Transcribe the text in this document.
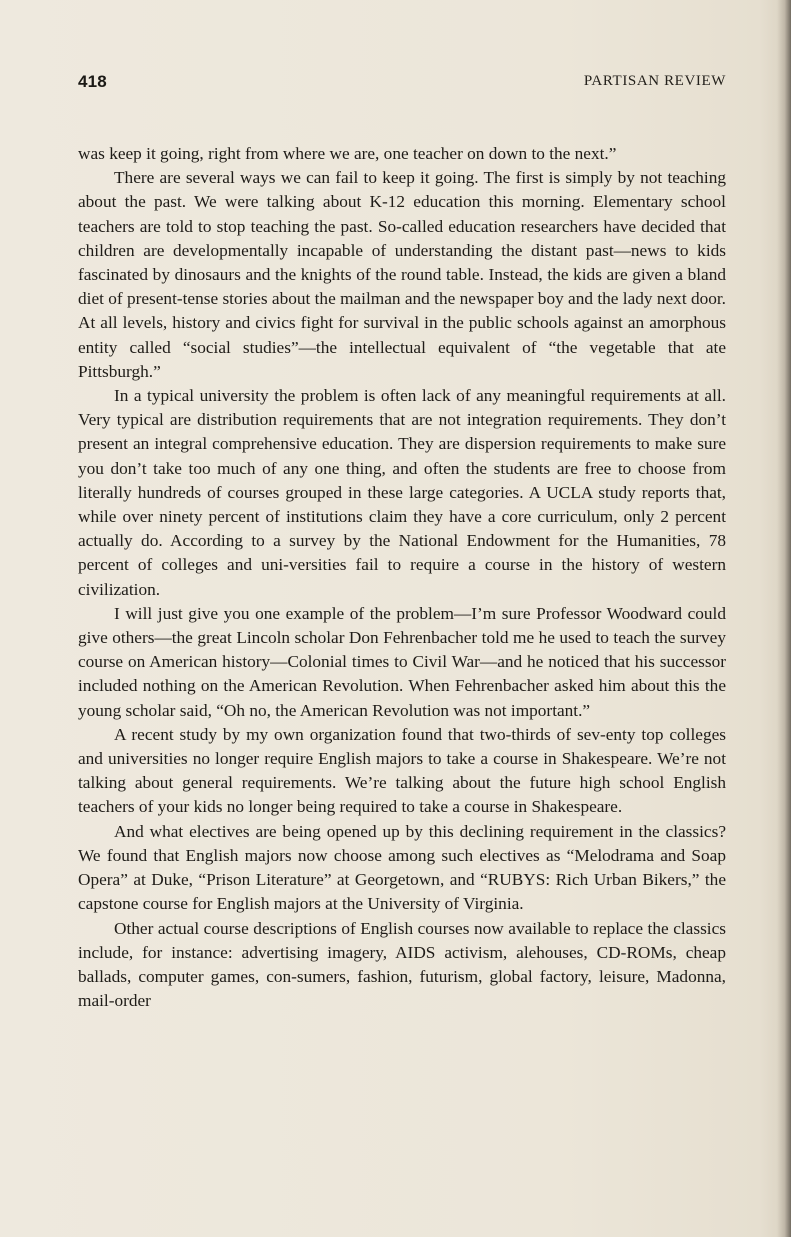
418	PARTISAN REVIEW

was keep it going, right from where we are, one teacher on down to the next.”

There are several ways we can fail to keep it going. The first is simply by not teaching about the past. We were talking about K-12 education this morning. Elementary school teachers are told to stop teaching the past. So-called education researchers have decided that children are developmentally incapable of understanding the distant past—news to kids fascinated by dinosaurs and the knights of the round table. Instead, the kids are given a bland diet of present-tense stories about the mailman and the newspaper boy and the lady next door. At all levels, history and civics fight for survival in the public schools against an amorphous entity called “social studies”—the intellectual equivalent of “the vegetable that ate Pittsburgh.”

In a typical university the problem is often lack of any meaningful requirements at all. Very typical are distribution requirements that are not integration requirements. They don’t present an integral comprehensive education. They are dispersion requirements to make sure you don’t take too much of any one thing, and often the students are free to choose from literally hundreds of courses grouped in these large categories. A UCLA study reports that, while over ninety percent of institutions claim they have a core curriculum, only 2 percent actually do. According to a survey by the National Endowment for the Humanities, 78 percent of colleges and uni-versities fail to require a course in the history of western civilization.

I will just give you one example of the problem—I’m sure Professor Woodward could give others—the great Lincoln scholar Don Fehrenbacher told me he used to teach the survey course on American history—Colonial times to Civil War—and he noticed that his successor included nothing on the American Revolution. When Fehrenbacher asked him about this the young scholar said, “Oh no, the American Revolution was not important.”

A recent study by my own organization found that two-thirds of sev-enty top colleges and universities no longer require English majors to take a course in Shakespeare. We’re not talking about general requirements. We’re talking about the future high school English teachers of your kids no longer being required to take a course in Shakespeare.

And what electives are being opened up by this declining requirement in the classics? We found that English majors now choose among such electives as “Melodrama and Soap Opera” at Duke, “Prison Literature” at Georgetown, and “RUBYS: Rich Urban Bikers,” the capstone course for English majors at the University of Virginia.

Other actual course descriptions of English courses now available to replace the classics include, for instance: advertising imagery, AIDS activism, alehouses, CD-ROMs, cheap ballads, computer games, con-sumers, fashion, futurism, global factory, leisure, Madonna, mail-order
